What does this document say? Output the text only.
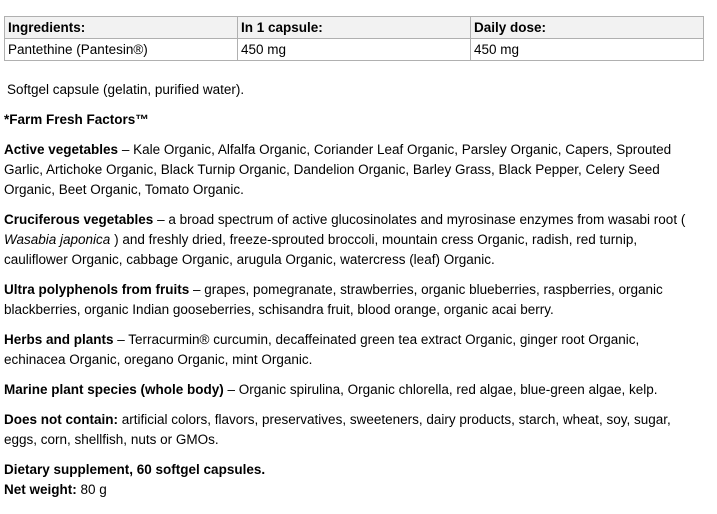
Ingredients:	In 1 capsule:	Daily dose:
Pantethine (Pantesin®)	450 mg	450 mg

Softgel capsule (gelatin, purified water).

*Farm Fresh Factors™

Active vegetables – Kale Organic, Alfalfa Organic, Coriander Leaf Organic, Parsley Organic, Capers, Sprouted Garlic, Artichoke Organic, Black Turnip Organic, Dandelion Organic, Barley Grass, Black Pepper, Celery Seed Organic, Beet Organic, Tomato Organic.

Cruciferous vegetables – a broad spectrum of active glucosinolates and myrosinase enzymes from wasabi root ( Wasabia japonica ) and freshly dried, freeze-sprouted broccoli, mountain cress Organic, radish, red turnip, cauliflower Organic, cabbage Organic, arugula Organic, watercress (leaf) Organic.

Ultra polyphenols from fruits – grapes, pomegranate, strawberries, organic blueberries, raspberries, organic blackberries, organic Indian gooseberries, schisandra fruit, blood orange, organic acai berry.

Herbs and plants – Terracurmin® curcumin, decaffeinated green tea extract Organic, ginger root Organic, echinacea Organic, oregano Organic, mint Organic.

Marine plant species (whole body) – Organic spirulina, Organic chlorella, red algae, blue-green algae, kelp.

Does not contain: artificial colors, flavors, preservatives, sweeteners, dairy products, starch, wheat, soy, sugar, eggs, corn, shellfish, nuts or GMOs.

Dietary supplement, 60 softgel capsules.

Net weight: 80 g
